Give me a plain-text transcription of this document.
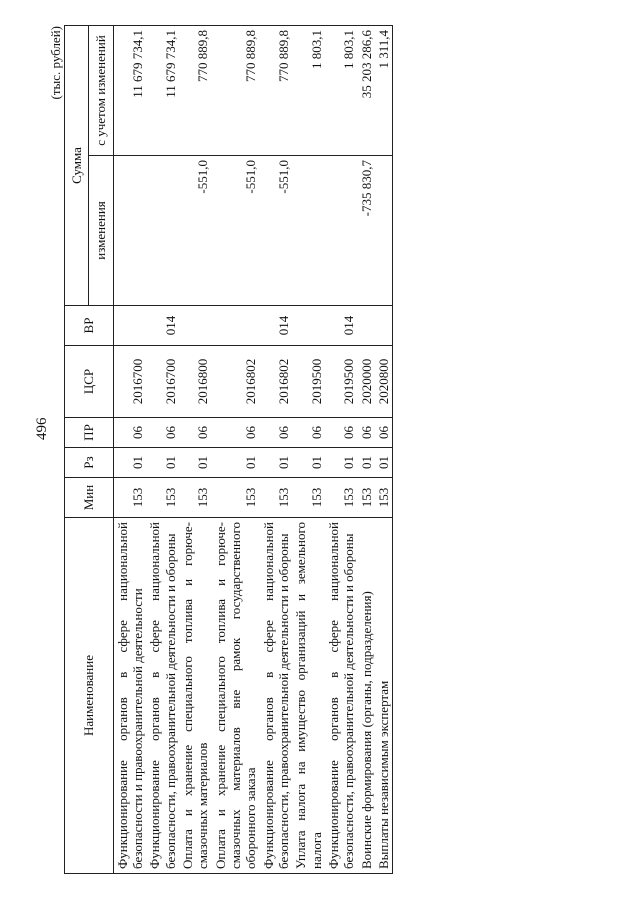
496
(тыс. рублей)
Наименование	Мин	Рз	ПР	ЦСР	ВР	Сумма	
						изменения	с учетом изменений
Функционирование органов в сфере национальной безопасности и правоохранительной деятельности	153	01	06	2016700			11 679 734,1
Функционирование органов в сфере национальной безопасности, правоохранительной деятельности и обороны	153	01	06	2016700	014		11 679 734,1
Оплата и хранение специального топлива и горюче-смазочных материалов	153	01	06	2016800		-551,0	770 889,8
Оплата и хранение специального топлива и горюче-смазочных материалов вне рамок государственного оборонного заказа	153	01	06	2016802		-551,0	770 889,8
Функционирование органов в сфере национальной безопасности, правоохранительной деятельности и обороны	153	01	06	2016802	014	-551,0	770 889,8
Уплата налога на имущество организаций и земельного налога	153	01	06	2019500			1 803,1
Функционирование органов в сфере национальной безопасности, правоохранительной деятельности и обороны	153	01	06	2019500	014		1 803,1
Воинские формирования (органы, подразделения)	153	01	06	2020000		-735 830,7	35 203 286,6
Выплаты независимым экспертам	153	01	06	2020800			1 311,4
